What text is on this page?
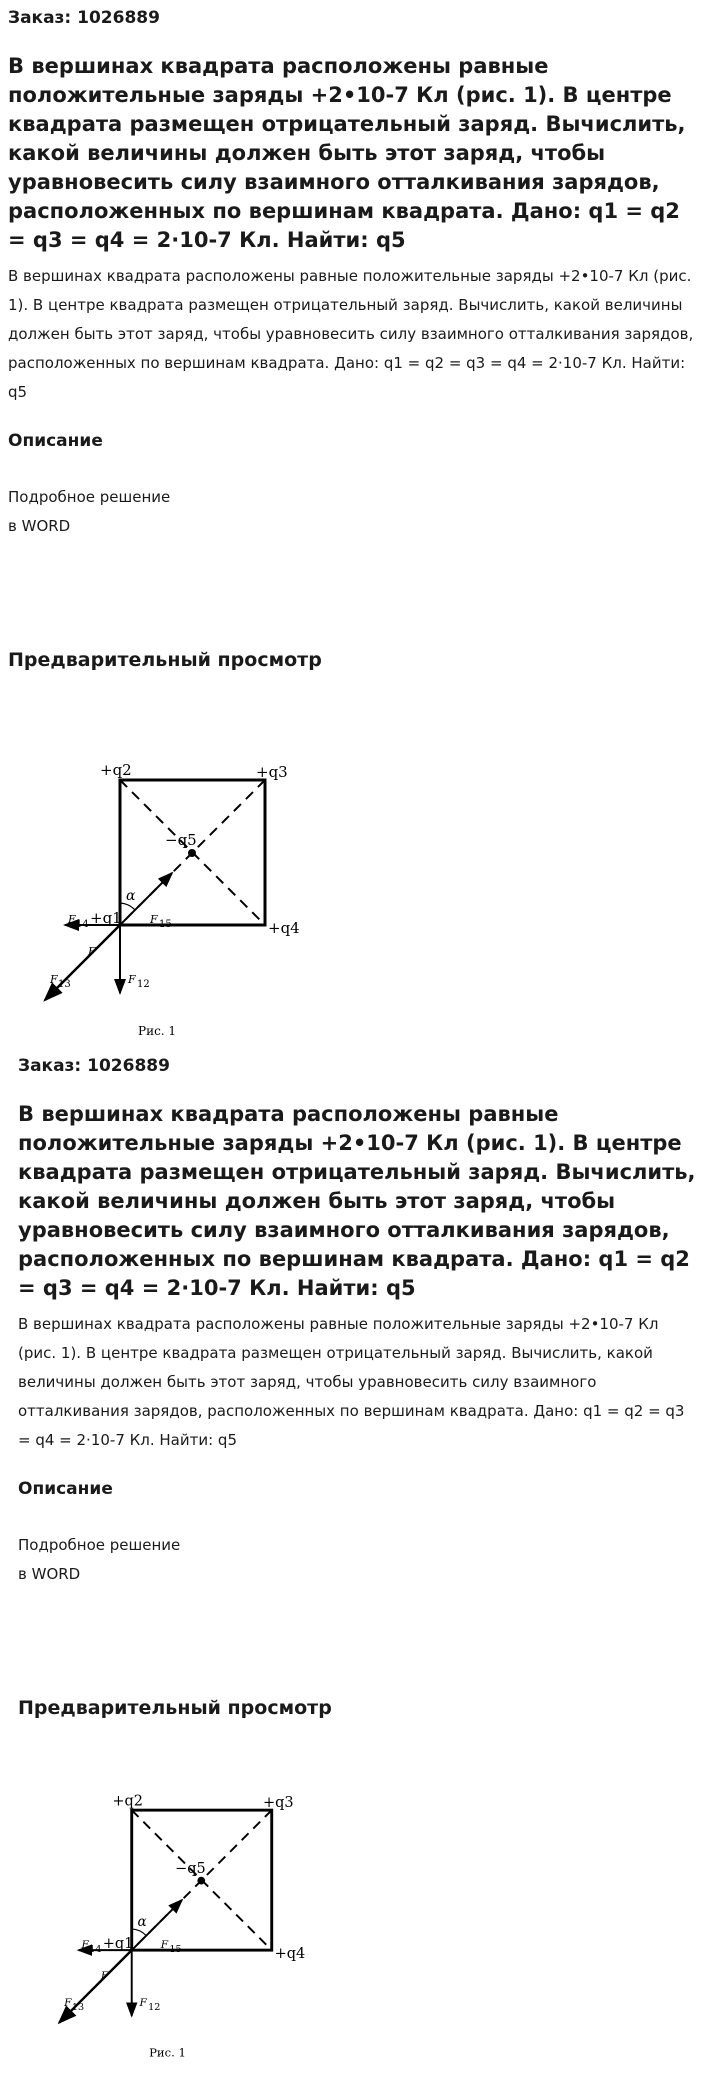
Заказ: 1026889
В вершинах квадрата расположены равные положительные заряды +2•10-7 Кл (рис. 1). В центре квадрата размещен отрицательный заряд. Вычислить, какой величины должен быть этот заряд, чтобы уравновесить силу взаимного отталкивания зарядов, расположенных по вершинам квадрата. Дано: q1 = q2 = q3 = q4 = 2·10-7 Кл. Найти: q5
В вершинах квадрата расположены равные положительные заряды +2•10-7 Кл (рис. 1). В центре квадрата размещен отрицательный заряд. Вычислить, какой величины должен быть этот заряд, чтобы уравновесить силу взаимного отталкивания зарядов, расположенных по вершинам квадрата. Дано: q1 = q2 = q3 = q4 = 2·10-7 Кл. Найти: q5
Описание
Подробное решение
в WORD
Предварительный просмотр
+q2	+q3
+q4
+q1
−q5
α
F 14	F 15
F
F 13	F 12
Рис. 1
Заказ: 1026889
В вершинах квадрата расположены равные положительные заряды +2•10-7 Кл (рис. 1). В центре квадрата размещен отрицательный заряд. Вычислить, какой величины должен быть этот заряд, чтобы уравновесить силу взаимного отталкивания зарядов, расположенных по вершинам квадрата. Дано: q1 = q2 = q3 = q4 = 2·10-7 Кл. Найти: q5
В вершинах квадрата расположены равные положительные заряды +2•10-7 Кл (рис. 1). В центре квадрата размещен отрицательный заряд. Вычислить, какой величины должен быть этот заряд, чтобы уравновесить силу взаимного отталкивания зарядов, расположенных по вершинам квадрата. Дано: q1 = q2 = q3 = q4 = 2·10-7 Кл. Найти: q5
Описание
Подробное решение
в WORD
Предварительный просмотр
+q2	+q3
+q4
+q1
−q5
α
F 14	F 15
F
F 13	F 12
Рис. 1
